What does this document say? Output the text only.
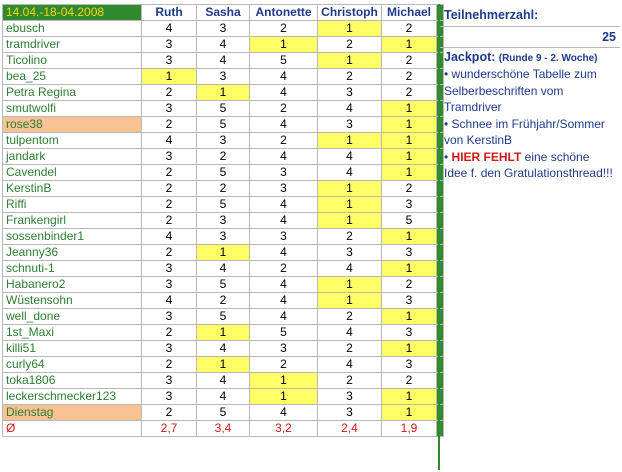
14.04.-18-04.2008	Ruth	Sasha	Antonette	Christoph	Michael	
ebusch	4	3	2	1	2	
tramdriver	3	4	1	2	1	
Ticolino	3	4	5	1	2	
bea_25	1	3	4	2	2	
Petra Regina	2	1	4	3	2	
smutwolfi	3	5	2	4	1	
rose38	2	5	4	3	1	
tulpentom	4	3	2	1	1	
jandark	3	2	4	4	1	
Cavendel	2	5	3	4	1	
KerstinB	2	2	3	1	2	
Riffi	2	5	4	1	3	
Frankengirl	2	3	4	1	5	
sossenbinder1	4	3	3	2	1	
Jeanny36	2	1	4	3	3	
schnuti-1	3	4	2	4	1	
Habanero2	3	5	4	1	2	
Wüstensohn	4	2	4	1	3	
well_done	3	5	4	2	1	
1st_Maxi	2	1	5	4	3	
killi51	3	4	3	2	1	
curly64	2	1	2	4	3	
toka1806	3	4	1	2	2	
leckerschmecker123	3	4	1	3	1	
Dienstag	2	5	4	3	1	
Ø	2,7	3,4	3,2	2,4	1,9	
Teilnehmerzahl:
25
Jackpot: (Runde 9 - 2. Woche)
• wunderschöne Tabelle zum Selberbeschriften vom Tramdriver
• Schnee im Frühjahr/Sommer von KerstinB
• HIER FEHLT eine schöne Idee f. den Gratulationsthread!!!
